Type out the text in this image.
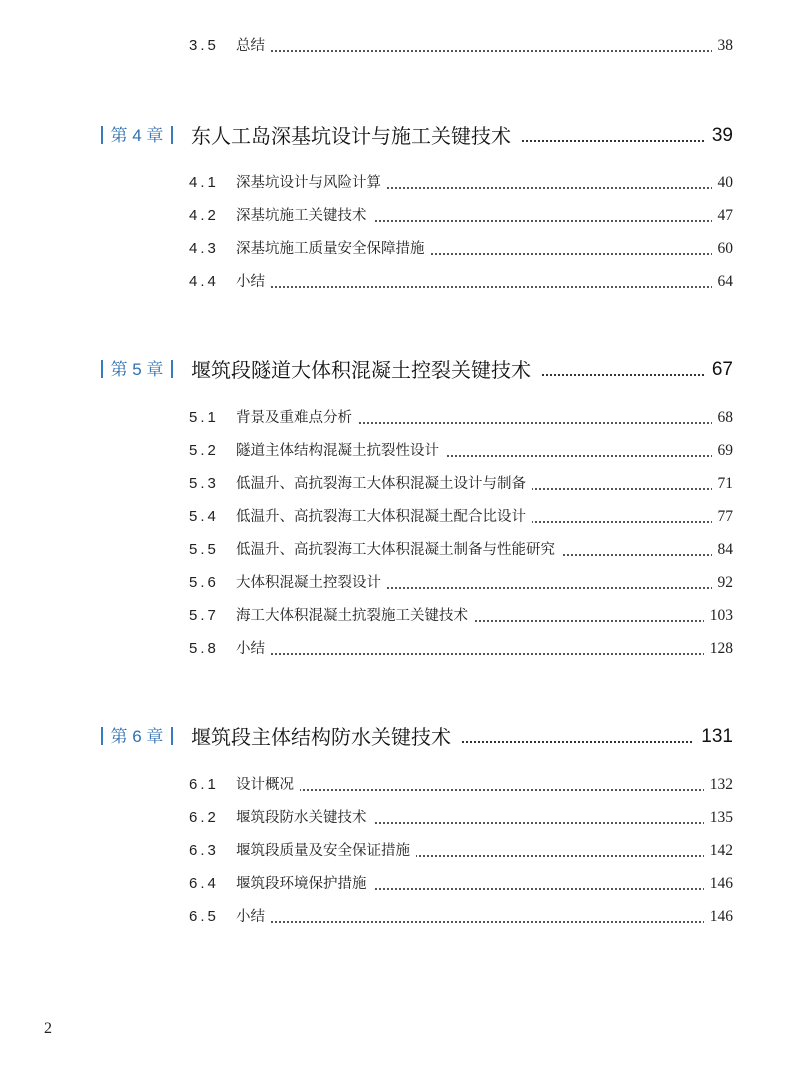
3.5 总结	38
第 4 章	东人工岛深基坑设计与施工关键技术	39
4.1 深基坑设计与风险计算	40
4.2 深基坑施工关键技术	47
4.3 深基坑施工质量安全保障措施	60
4.4 小结	64
第 5 章	堰筑段隧道大体积混凝土控裂关键技术	67
5.1 背景及重难点分析	68
5.2 隧道主体结构混凝土抗裂性设计	69
5.3 低温升、高抗裂海工大体积混凝土设计与制备	71
5.4 低温升、高抗裂海工大体积混凝土配合比设计	77
5.5 低温升、高抗裂海工大体积混凝土制备与性能研究	84
5.6 大体积混凝土控裂设计	92
5.7 海工大体积混凝土抗裂施工关键技术	103
5.8 小结	128
第 6 章	堰筑段主体结构防水关键技术	131
6.1 设计概况	132
6.2 堰筑段防水关键技术	135
6.3 堰筑段质量及安全保证措施	142
6.4 堰筑段环境保护措施	146
6.5 小结	146
2
